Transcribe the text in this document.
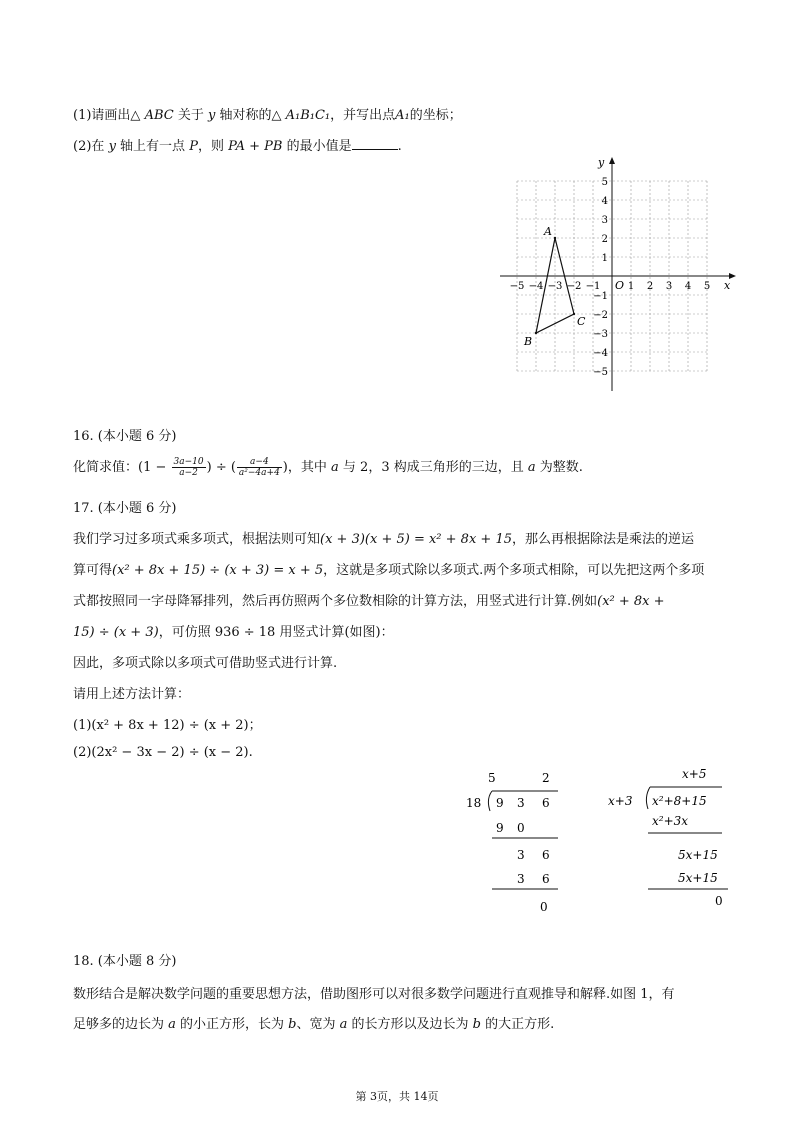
(1)请画出△ ABC 关于 y 轴对称的△ A₁B₁C₁，并写出点A₁的坐标；
(2)在 y 轴上有一点 P，则 PA + PB 的最小值是	.
x
y
O
−5 −4 −3 −2 −1	1 2 3 4 5
5
4
3
2
1
−1
−2
−3
−4
−5
A
B
C
16. (本小题 6 分)
化简求值：($1 - \frac{3a-10}{a-2}$ ) ÷ ( $\frac{a-4}{\text{a²−4a+4}}$ )，其中 a 与 2，3 构成三角形的三边，且 a 为整数.
17. (本小题 6 分)
我们学习过多项式乘多项式，根据法则可知(x + 3)(x + 5) = x² + 8x + 15，那么再根据除法是乘法的逆运
算可得(x² + 8x + 15) ÷ (x + 3) = x + 5，这就是多项式除以多项式.两个多项式相除，可以先把这两个多项
式都按照同一字母降幂排列，然后再仿照两个多位数相除的计算方法，用竖式进行计算.例如(x² + 8x +
15) ÷ (x + 3)，可仿照 936 ÷ 18 用竖式计算(如图)：
因此，多项式除以多项式可借助竖式进行计算.
请用上述方法计算：
(1)(x² + 8x + 12) ÷ (x + 2)；
(2)(2x² − 3x − 2) ÷ (x − 2).
5	2
18 9 3 6
9 0
3 6
3 6
0
x+5
x+3 x²+8+15
x²+3x
5x+15
5x+15
0
18. (本小题 8 分)
数形结合是解决数学问题的重要思想方法，借助图形可以对很多数学问题进行直观推导和解释.如图 1，有
足够多的边长为 a 的小正方形，长为 b、宽为 a 的长方形以及边长为 b 的大正方形.
第 3页，共 14页
